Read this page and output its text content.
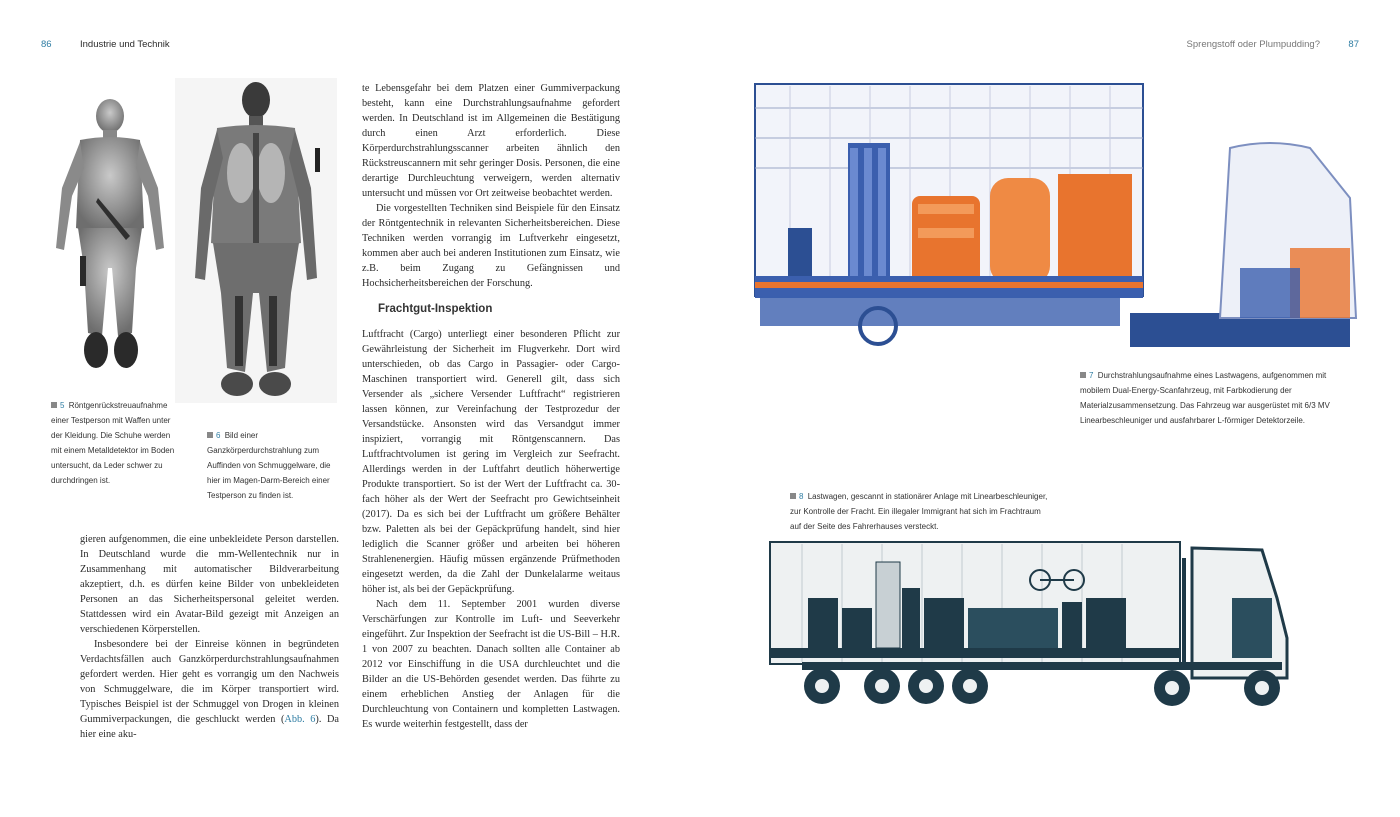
86	Industrie und Technik	Sprengstoff oder Plumpudding?	87
5 Röntgenrückstreuaufnahme einer Testperson mit Waffen unter der Kleidung. Die Schuhe werden mit einem Metalldetektor im Boden untersucht, da Leder schwer zu durchdringen ist.
6 Bild einer Ganzkörperdurchstrahlung zum Auffinden von Schmuggelware, die hier im Magen-Darm-Bereich einer Testperson zu finden ist.

gieren aufgenommen, die eine unbekleidete Person darstellen. In Deutschland wurde die mm-Wellentechnik nur in Zusammenhang mit automatischer Bildverarbeitung akzeptiert, d.h. es dürfen keine Bilder von unbekleideten Personen an das Sicherheitspersonal geleitet werden. Stattdessen wird ein Avatar-Bild gezeigt mit Anzeigen an verschiedenen Körperstellen.

Insbesondere bei der Einreise können in begründeten Verdachtsfällen auch Ganzkörperdurchstrahlungsaufnahmen gefordert werden. Hier geht es vorrangig um den Nachweis von Schmuggelware, die im Körper transportiert wird. Typisches Beispiel ist der Schmuggel von Drogen in kleinen Gummiverpackungen, die geschluckt werden (Abb. 6). Da hier eine aku-

te Lebensgefahr bei dem Platzen einer Gummiverpackung besteht, kann eine Durchstrahlungsaufnahme gefordert werden. In Deutschland ist im Allgemeinen die Bestätigung durch einen Arzt erforderlich. Diese Körperdurchstrahlungsscanner arbeiten ähnlich den Rückstreuscannern mit sehr geringer Dosis. Personen, die eine derartige Durchleuchtung verweigern, werden alternativ untersucht und müssen vor Ort zeitweise beobachtet werden.

Die vorgestellten Techniken sind Beispiele für den Einsatz der Röntgentechnik in relevanten Sicherheitsbereichen. Diese Techniken werden vorrangig im Luftverkehr eingesetzt, kommen aber auch bei anderen Institutionen zum Einsatz, wie z.B. beim Zugang zu Gefängnissen und Hochsicherheitsbereichen der Forschung.

Frachtgut-Inspektion

Luftfracht (Cargo) unterliegt einer besonderen Pflicht zur Gewährleistung der Sicherheit im Flugverkehr. Dort wird unterschieden, ob das Cargo in Passagier- oder Cargo-Maschinen transportiert wird. Generell gilt, dass sich Versender als „sichere Versender Luftfracht“ registrieren lassen können, zur Vereinfachung der Testprozedur der Versandstücke. Ansonsten wird das Versandgut immer inspiziert, vorrangig mit Röntgenscannern. Das Luftfrachtvolumen ist gering im Vergleich zur Seefracht. Allerdings werden in der Luftfahrt deutlich höherwertige Produkte transportiert. So ist der Wert der Luftfracht ca. 30-fach höher als der Wert der Seefracht pro Gewichtseinheit (2017). Da es sich bei der Luftfracht um größere Behälter bzw. Paletten als bei der Gepäckprüfung handelt, sind hier lediglich die Scanner größer und arbeiten bei höheren Strahlenenergien. Häufig müssen ergänzende Prüfmethoden eingesetzt werden, da die Zahl der Dunkelalarme weitaus höher ist, als bei der Gepäckprüfung.

Nach dem 11. September 2001 wurden diverse Verschärfungen zur Kontrolle im Luft- und Seeverkehr eingeführt. Zur Inspektion der Seefracht ist die US-Bill – H.R. 1 von 2007 zu beachten. Danach sollten alle Container ab 2012 vor Einschiffung in die USA durchleuchtet und die Bilder an die US-Behörden gesendet werden. Das führte zu einem erheblichen Anstieg der Anlagen für die Durchleuchtung von Containern und kompletten Lastwagen. Es wurde weiterhin festgestellt, dass der

7 Durchstrahlungsaufnahme eines Lastwagens, aufgenommen mit mobilem Dual-Energy-Scanfahrzeug, mit Farbkodierung der Materialzusammensetzung. Das Fahrzeug war ausgerüstet mit 6/3 MV Linearbeschleuniger und ausfahrbarer L-förmiger Detektorzeile.
8 Lastwagen, gescannt in stationärer Anlage mit Linearbeschleuniger, zur Kontrolle der Fracht. Ein illegaler Immigrant hat sich im Frachtraum auf der Seite des Fahrerhauses versteckt.
